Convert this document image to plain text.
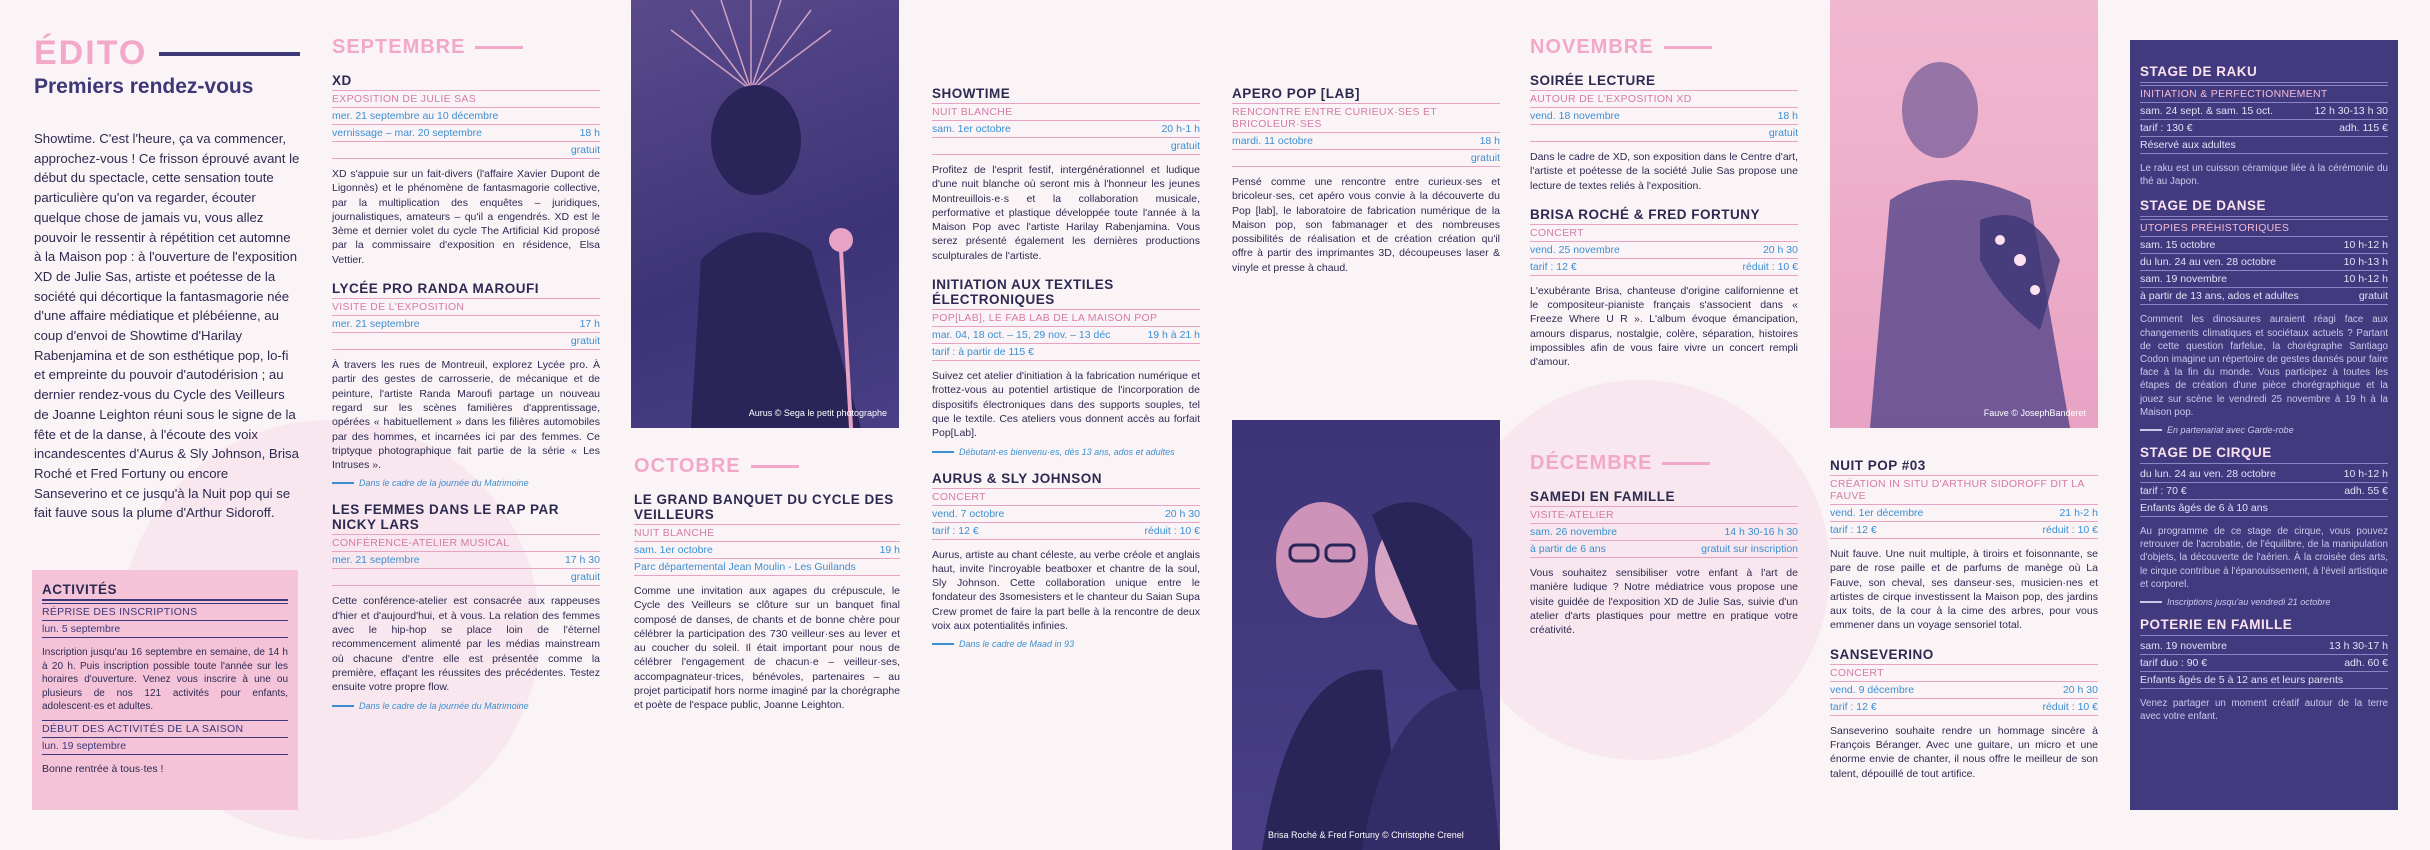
ÉDITO
Premiers rendez-vous
Showtime. C'est l'heure, ça va commencer, approchez-vous ! Ce frisson éprouvé avant le début du spectacle, cette sensation toute particulière qu'on va regarder, écouter quelque chose de jamais vu, vous allez pouvoir le ressentir à répétition cet automne à la Maison pop : à l'ouverture de l'exposition XD de Julie Sas, artiste et poétesse de la société qui décortique la fantasmagorie née d'une affaire médiatique et plébéienne, au coup d'envoi de Showtime d'Harilay Rabenjamina et de son esthétique pop, lo-fi et empreinte du pouvoir d'autodérision ; au dernier rendez-vous du Cycle des Veilleurs de Joanne Leighton réuni sous le signe de la fête et de la danse, à l'écoute des voix incandescentes d'Aurus & Sly Johnson, Brisa Roché et Fred Fortuny ou encore Sanseverino et ce jusqu'à la Nuit pop qui se fait fauve sous la plume d'Arthur Sidoroff.
ACTIVITÉS
RÉPRISE DES INSCRIPTIONS
lun. 5 septembre
Inscription jusqu'au 16 septembre en semaine, de 14 h à 20 h. Puis inscription possible toute l'année sur les horaires d'ouverture. Venez vous inscrire à une ou plusieurs de nos 121 activités pour enfants, adolescent·es et adultes.
DÉBUT DES ACTIVITÉS DE LA SAISON
lun. 19 septembre
Bonne rentrée à tous·tes !
SEPTEMBRE
XD
EXPOSITION DE JULIE SAS
mer. 21 septembre au 10 décembre
vernissage – mar. 20 septembre	18 h
gratuit
XD s'appuie sur un fait-divers (l'affaire Xavier Dupont de Ligonnès) et le phénomène de fantasmagorie collective, par la multiplication des enquêtes – juridiques, journalistiques, amateurs – qu'il a engendrés. XD est le 3ème et dernier volet du cycle The Artificial Kid proposé par la commissaire d'exposition en résidence, Elsa Vettier.
LYCÉE PRO RANDA MAROUFI
VISITE DE L'EXPOSITION
mer. 21 septembre	17 h
gratuit
À travers les rues de Montreuil, explorez Lycée pro. À partir des gestes de carrosserie, de mécanique et de peinture, l'artiste Randa Maroufi partage un nouveau regard sur les scènes familières d'apprentissage, opérées « habituellement » dans les filières automobiles par des hommes, et incarnées ici par des femmes. Ce triptyque photographique fait partie de la série « Les Intruses ».
Dans le cadre de la journée du Matrimoine
LES FEMMES DANS LE RAP PAR NICKY LARS
CONFÉRENCE-ATELIER MUSICAL
mer. 21 septembre	17 h 30
gratuit
Cette conférence-atelier est consacrée aux rappeuses d'hier et d'aujourd'hui, et à vous. La relation des femmes avec le hip-hop se place loin de l'éternel recommencement alimenté par les médias mainstream où chacune d'entre elle est présentée comme la première, effaçant les réussites des précédentes. Testez ensuite votre propre flow.
Dans le cadre de la journée du Matrimoine
Aurus © Sega le petit photographe
OCTOBRE
LE GRAND BANQUET DU CYCLE DES VEILLEURS
NUIT BLANCHE
sam. 1er octobre	19 h
Parc départemental Jean Moulin - Les Guilands
Comme une invitation aux agapes du crépuscule, le Cycle des Veilleurs se clôture sur un banquet final composé de danses, de chants et de bonne chère pour célébrer la participation des 730 veilleur·ses au lever et au coucher du soleil. Il était important pour nous de célébrer l'engagement de chacun·e – veilleur·ses, accompagnateur·trices, bénévoles, partenaires – au projet participatif hors norme imaginé par la chorégraphe et poète de l'espace public, Joanne Leighton.
SHOWTIME
NUIT BLANCHE
sam. 1er octobre	20 h-1 h
gratuit
Profitez de l'esprit festif, intergénérationnel et ludique d'une nuit blanche où seront mis à l'honneur les jeunes Montreuillois·e·s et la collaboration musicale, performative et plastique développée toute l'année à la Maison Pop avec l'artiste Harilay Rabenjamina. Vous serez présenté également les dernières productions sculpturales de l'artiste.
INITIATION AUX TEXTILES ÉLECTRONIQUES
POP[LAB], LE FAB LAB DE LA MAISON POP
mar. 04, 18 oct. – 15, 29 nov. – 13 déc	19 h à 21 h
tarif : à partir de 115 €
Suivez cet atelier d'initiation à la fabrication numérique et frottez-vous au potentiel artistique de l'incorporation de dispositifs électroniques dans des supports souples, tel que le textile. Ces ateliers vous donnent accès au forfait Pop[Lab].
Débutant·es bienvenu·es, dès 13 ans, ados et adultes
AURUS & SLY JOHNSON
CONCERT
vend. 7 octobre	20 h 30
tarif : 12 €	réduit : 10 €
Aurus, artiste au chant céleste, au verbe créole et anglais haut, invite l'incroyable beatboxer et chantre de la soul, Sly Johnson. Cette collaboration unique entre le fondateur des 3somesisters et le chanteur du Saian Supa Crew promet de faire la part belle à la rencontre de deux voix aux potentialités infinies.
Dans le cadre de Maad in 93
APERO POP [LAB]
RENCONTRE ENTRE CURIEUX·SES ET BRICOLEUR·SES
mardi. 11 octobre	18 h
gratuit
Pensé comme une rencontre entre curieux·ses et bricoleur·ses, cet apéro vous convie à la découverte du Pop [lab], le laboratoire de fabrication numérique de la Maison pop, son fabmanager et des nombreuses possibilités de réalisation et de création création qu'il offre à partir des imprimantes 3D, découpeuses laser & vinyle et presse à chaud.
Brisa Roché & Fred Fortuny © Christophe Crenel
NOVEMBRE
SOIRÉE LECTURE
AUTOUR DE L'EXPOSITION XD
vend. 18 novembre	18 h
gratuit
Dans le cadre de XD, son exposition dans le Centre d'art, l'artiste et poétesse de la société Julie Sas propose une lecture de textes reliés à l'exposition.
BRISA ROCHÉ & FRED FORTUNY
CONCERT
vend. 25 novembre	20 h 30
tarif : 12 €	réduit : 10 €
L'exubérante Brisa, chanteuse d'origine californienne et le compositeur-pianiste français s'associent dans « Freeze Where U R ». L'album évoque émancipation, amours disparus, nostalgie, colère, séparation, histoires impossibles afin de vous faire vivre un concert rempli d'amour.
DÉCEMBRE
SAMEDI EN FAMILLE
VISITE-ATELIER
sam. 26 novembre	14 h 30-16 h 30
à partir de 6 ans	gratuit sur inscription
Vous souhaitez sensibiliser votre enfant à l'art de manière ludique ? Notre médiatrice vous propose une visite guidée de l'exposition XD de Julie Sas, suivie d'un atelier d'arts plastiques pour mettre en pratique votre créativité.
Fauve © JosephBanderet
NUIT POP #03
CRÉATION IN SITU D'ARTHUR SIDOROFF DIT LA FAUVE
vend. 1er décembre	21 h-2 h
tarif : 12 €	réduit : 10 €
Nuit fauve. Une nuit multiple, à tiroirs et foisonnante, se pare de rose paille et de parfums de manège où La Fauve, son cheval, ses danseur·ses, musicien·nes et artistes de cirque investissent la Maison pop, des jardins aux toits, de la cour à la cime des arbres, pour vous emmener dans un voyage sensoriel total.
SANSEVERINO
CONCERT
vend. 9 décembre	20 h 30
tarif : 12 €	réduit : 10 €
Sanseverino souhaite rendre un hommage sincère à François Béranger. Avec une guitare, un micro et une énorme envie de chanter, il nous offre le meilleur de son talent, dépouillé de tout artifice.
STAGE DE RAKU
INITIATION & PERFECTIONNEMENT
sam. 24 sept. & sam. 15 oct.	12 h 30-13 h 30
tarif : 130 €	adh. 115 €
Réservé aux adultes
Le raku est un cuisson céramique liée à la cérémonie du thé au Japon.
STAGE DE DANSE
UTOPIES PRÉHISTORIQUES
sam. 15 octobre	10 h-12 h
du lun. 24 au ven. 28 octobre	10 h-13 h
sam. 19 novembre	10 h-12 h
à partir de 13 ans, ados et adultes	gratuit
Comment les dinosaures auraient réagi face aux changements climatiques et sociétaux actuels ? Partant de cette question farfelue, la chorégraphe Santiago Codon imagine un répertoire de gestes dansés pour faire face à la fin du monde. Vous participez à toutes les étapes de création d'une pièce chorégraphique et la jouez sur scène le vendredi 25 novembre à 19 h à la Maison pop.
En partenariat avec Garde-robe
STAGE DE CIRQUE
du lun. 24 au ven. 28 octobre	10 h-12 h
tarif : 70 €	adh. 55 €
Enfants âgés de 6 à 10 ans
Au programme de ce stage de cirque, vous pouvez retrouver de l'acrobatie, de l'équilibre, de la manipulation d'objets, la découverte de l'aérien. À la croisée des arts, le cirque contribue à l'épanouissement, à l'éveil artistique et corporel.
Inscriptions jusqu'au vendredi 21 octobre
POTERIE EN FAMILLE
sam. 19 novembre	13 h 30-17 h
tarif duo : 90 €	adh. 60 €
Enfants âgés de 5 à 12 ans et leurs parents
Venez partager un moment créatif autour de la terre avec votre enfant.
